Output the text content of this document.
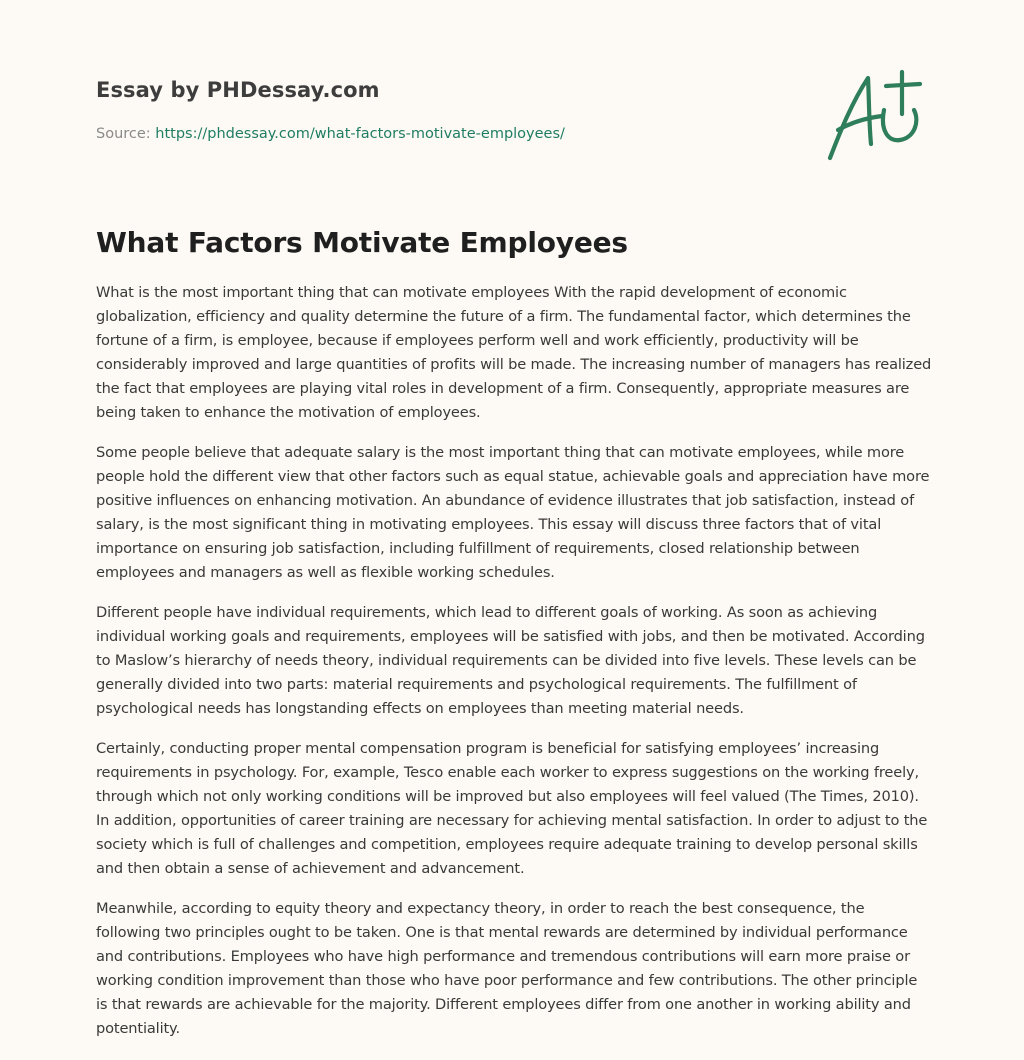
Essay by PHDessay.com
Source: https://phdessay.com/what-factors-motivate-employees/
What Factors Motivate Employees

What is the most important thing that can motivate employees With the rapid development of economic globalization, efficiency and quality determine the future of a firm. The fundamental factor, which determines the fortune of a firm, is employee, because if employees perform well and work efficiently, productivity will be considerably improved and large quantities of profits will be made. The increasing number of managers has realized the fact that employees are playing vital roles in development of a firm. Consequently, appropriate measures are being taken to enhance the motivation of employees.

Some people believe that adequate salary is the most important thing that can motivate employees, while more people hold the different view that other factors such as equal statue, achievable goals and appreciation have more positive influences on enhancing motivation. An abundance of evidence illustrates that job satisfaction, instead of salary, is the most significant thing in motivating employees. This essay will discuss three factors that of vital importance on ensuring job satisfaction, including fulfillment of requirements, closed relationship between employees and managers as well as flexible working schedules.

Different people have individual requirements, which lead to different goals of working. As soon as achieving individual working goals and requirements, employees will be satisfied with jobs, and then be motivated. According to Maslow’s hierarchy of needs theory, individual requirements can be divided into five levels. These levels can be generally divided into two parts: material requirements and psychological requirements. The fulfillment of psychological needs has longstanding effects on employees than meeting material needs.

Certainly, conducting proper mental compensation program is beneficial for satisfying employees’ increasing requirements in psychology. For, example, Tesco enable each worker to express suggestions on the working freely, through which not only working conditions will be improved but also employees will feel valued (The Times, 2010). In addition, opportunities of career training are necessary for achieving mental satisfaction. In order to adjust to the society which is full of challenges and competition, employees require adequate training to develop personal skills and then obtain a sense of achievement and advancement.

Meanwhile, according to equity theory and expectancy theory, in order to reach the best consequence, the following two principles ought to be taken. One is that mental rewards are determined by individual performance and contributions. Employees who have high performance and tremendous contributions will earn more praise or working condition improvement than those who have poor performance and few contributions. The other principle is that rewards are achievable for the majority. Different employees differ from one another in working ability and potentiality.
